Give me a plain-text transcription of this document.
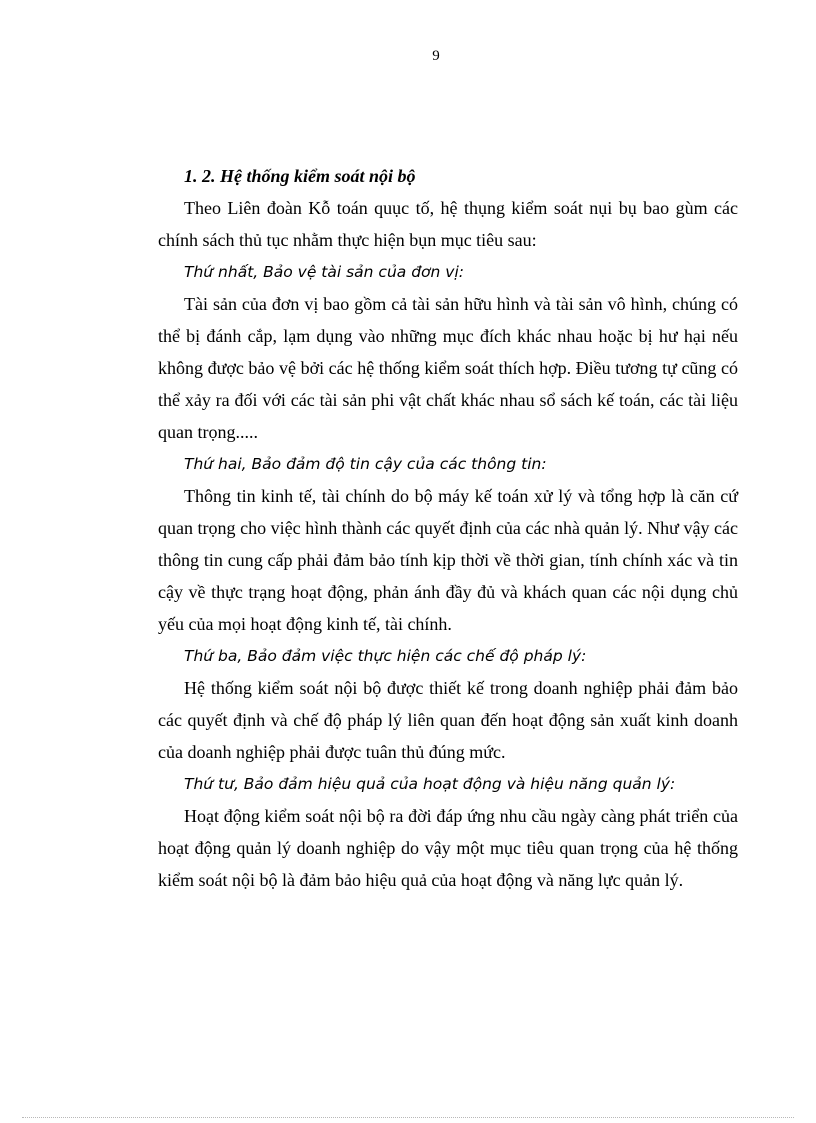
9

1. 2. Hệ thống kiểm soát nội bộ

Theo Liên đoàn Kỗ toán quục tố, hệ thụng kiểm soát nụi bụ bao gùm các chính sách thủ tục nhằm thực hiện bụn mục tiêu sau:

Thứ nhất, Bảo vệ tài sản của đơn vị:

Tài sản của đơn vị bao gồm cả tài sản hữu hình và tài sản vô hình, chúng có thể bị đánh cắp, lạm dụng vào những mục đích khác nhau hoặc bị hư hại nếu không được bảo vệ bởi các hệ thống kiểm soát thích hợp. Điều tương tự cũng có thể xảy ra đối với các tài sản phi vật chất khác nhau sổ sách kế toán, các tài liệu quan trọng.....

Thứ hai, Bảo đảm độ tin cậy của các thông tin:

Thông tin kinh tế, tài chính do bộ máy kế toán xử lý và tổng hợp là căn cứ quan trọng cho việc hình thành các quyết định của các nhà quản lý. Như vậy các thông tin cung cấp phải đảm bảo tính kịp thời về thời gian, tính chính xác và tin cậy về thực trạng hoạt động, phản ánh đầy đủ và khách quan các nội dụng chủ yếu của mọi hoạt động kinh tế, tài chính.

Thứ ba, Bảo đảm việc thực hiện các chế độ pháp lý:

Hệ thống kiểm soát nội bộ được thiết kế trong doanh nghiệp phải đảm bảo các quyết định và chế độ pháp lý liên quan đến hoạt động sản xuất kinh doanh của doanh nghiệp phải được tuân thủ đúng mức.

Thứ tư, Bảo đảm hiệu quả của hoạt động và hiệu năng quản lý:

Hoạt động kiểm soát nội bộ ra đời đáp ứng nhu cầu ngày càng phát triển của hoạt động quản lý doanh nghiệp do vậy một mục tiêu quan trọng của hệ thống kiểm soát nội bộ là đảm bảo hiệu quả của hoạt động và năng lực quản lý.
